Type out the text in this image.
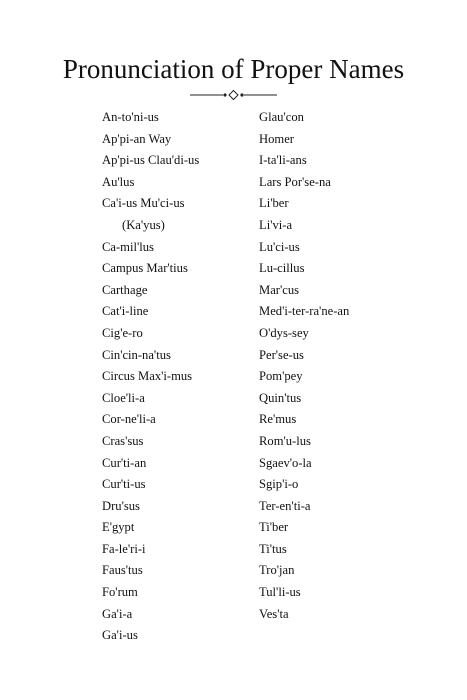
Pronunciation of Proper Names
An-to'ni-us
Ap'pi-an Way
Ap'pi-us Clau'di-us
Au'lus
Ca'i-us Mu'ci-us
(Ka'yus)
Ca-mil'lus
Campus Mar'tius
Carthage
Cat'i-line
Cig'e-ro
Cin'cin-na'tus
Circus Max'i-mus
Cloe'li-a
Cor-ne'li-a
Cras'sus
Cur'ti-an
Cur'ti-us
Dru'sus
E'gypt
Fa-le'ri-i
Faus'tus
Fo'rum
Ga'i-a
Ga'i-us
Glau'con
Homer
I-ta'li-ans
Lars Por'se-na
Li'ber
Li'vi-a
Lu'ci-us
Lu-cillus
Mar'cus
Med'i-ter-ra'ne-an
O'dys-sey
Per'se-us
Pom'pey
Quin'tus
Re'mus
Rom'u-lus
Sgaev'o-la
Sgip'i-o
Ter-en'ti-a
Ti'ber
Ti'tus
Tro'jan
Tul'li-us
Ves'ta
